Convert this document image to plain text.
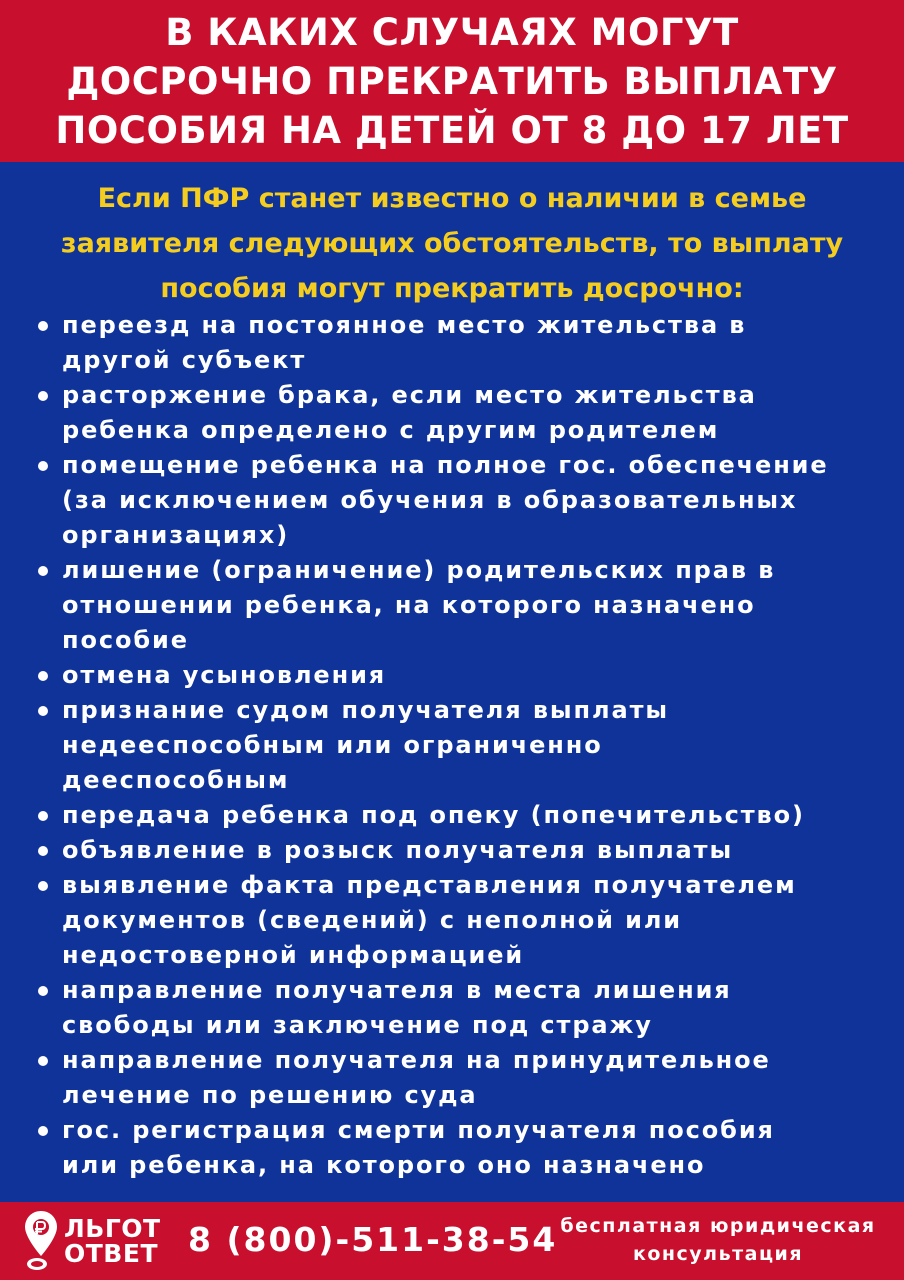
В КАКИХ СЛУЧАЯХ МОГУТ
ДОСРОЧНО ПРЕКРАТИТЬ ВЫПЛАТУ
ПОСОБИЯ НА ДЕТЕЙ ОТ 8 ДО 17 ЛЕТ
Если ПФР станет известно о наличии в семье
заявителя следующих обстоятельств, то выплату
пособия могут прекратить досрочно:
переезд на постоянное место жительства в
другой субъект
расторжение брака, если место жительства
ребенка определено с другим родителем
помещение ребенка на полное гос. обеспечение
(за исключением обучения в образовательных
организациях)
лишение (ограничение) родительских прав в
отношении ребенка, на которого назначено
пособие
отмена усыновления
признание судом получателя выплаты
недееспособным или ограниченно
дееспособным
передача ребенка под опеку (попечительство)
объявление в розыск получателя выплаты
выявление факта представления получателем
документов (сведений) с неполной или
недостоверной информацией
направление получателя в места лишения
свободы или заключение под стражу
направление получателя на принудительное
лечение по решению суда
гос. регистрация смерти получателя пособия
или ребенка, на которого оно назначено
ЛЬГОТ
ОТВЕТ 8 (800)-511-38-54 бесплатная юридическая
консультация
